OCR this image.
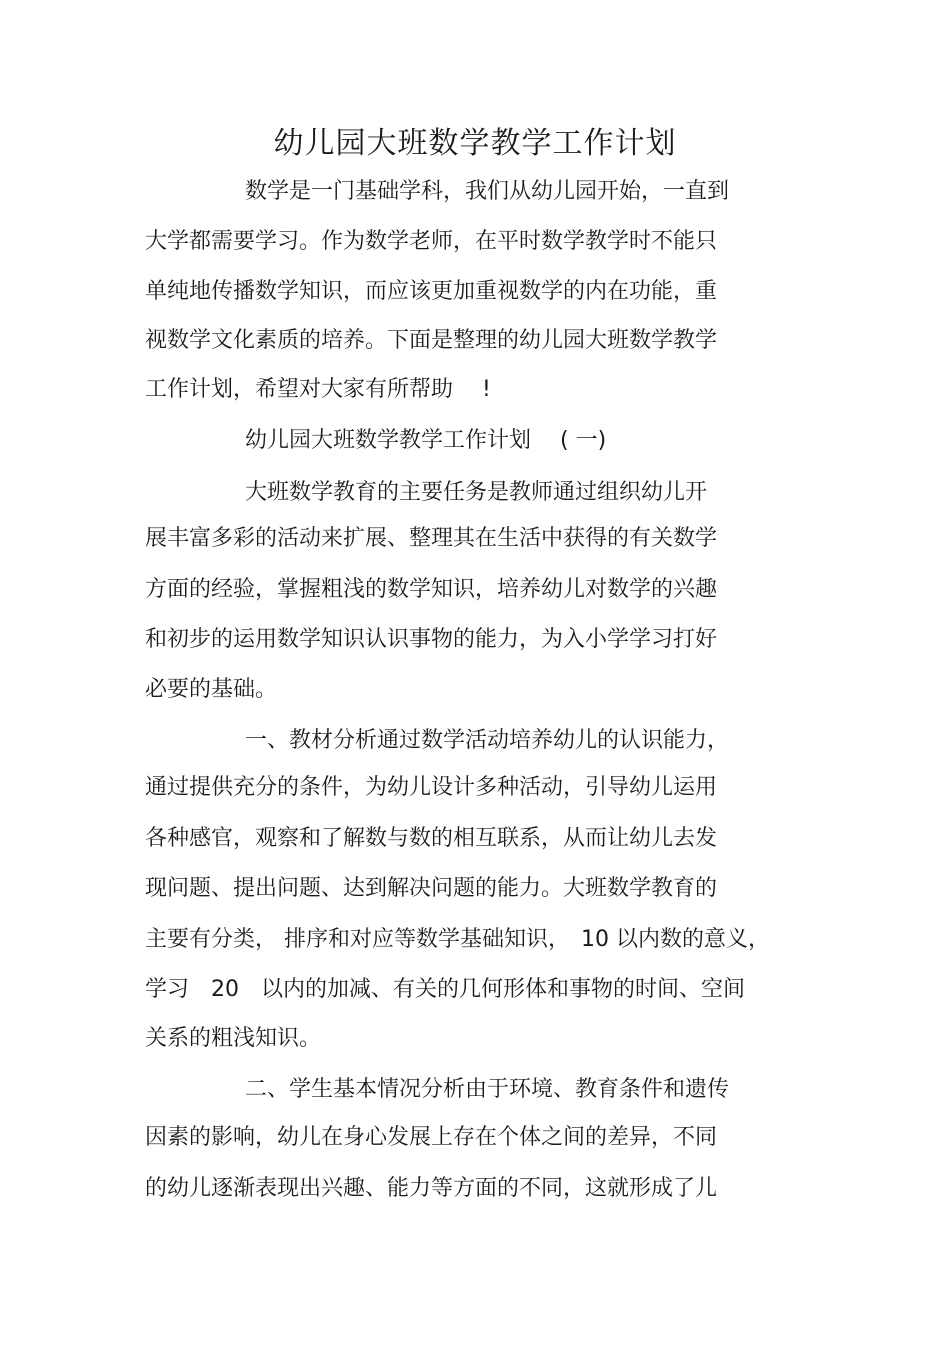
幼儿园大班数学教学工作计划
数学是一门基础学科，我们从幼儿园开始，一直到
大学都需要学习。作为数学老师，在平时数学教学时不能只
单纯地传播数学知识，而应该更加重视数学的内在功能，重
视数学文化素质的培养。下面是整理的幼儿园大班数学教学
工作计划，希望对大家有所帮助　 !
幼儿园大班数学教学工作计划　 ( 一)
大班数学教育的主要任务是教师通过组织幼儿开
展丰富多彩的活动来扩展、整理其在生活中获得的有关数学
方面的经验，掌握粗浅的数学知识，培养幼儿对数学的兴趣
和初步的运用数学知识认识事物的能力，为入小学学习打好
必要的基础。
一、教材分析通过数学活动培养幼儿的认识能力，
通过提供充分的条件，为幼儿设计多种活动，引导幼儿运用
各种感官，观察和了解数与数的相互联系，从而让幼儿去发
现问题、提出问题、达到解决问题的能力。大班数学教育的
主要有分类， 排序和对应等数学基础知识，　10 以内数的意义，
学习　20　以内的加减、有关的几何形体和事物的时间、空间
关系的粗浅知识。
二、学生基本情况分析由于环境、教育条件和遗传
因素的影响，幼儿在身心发展上存在个体之间的差异，不同
的幼儿逐渐表现出兴趣、能力等方面的不同，这就形成了儿
